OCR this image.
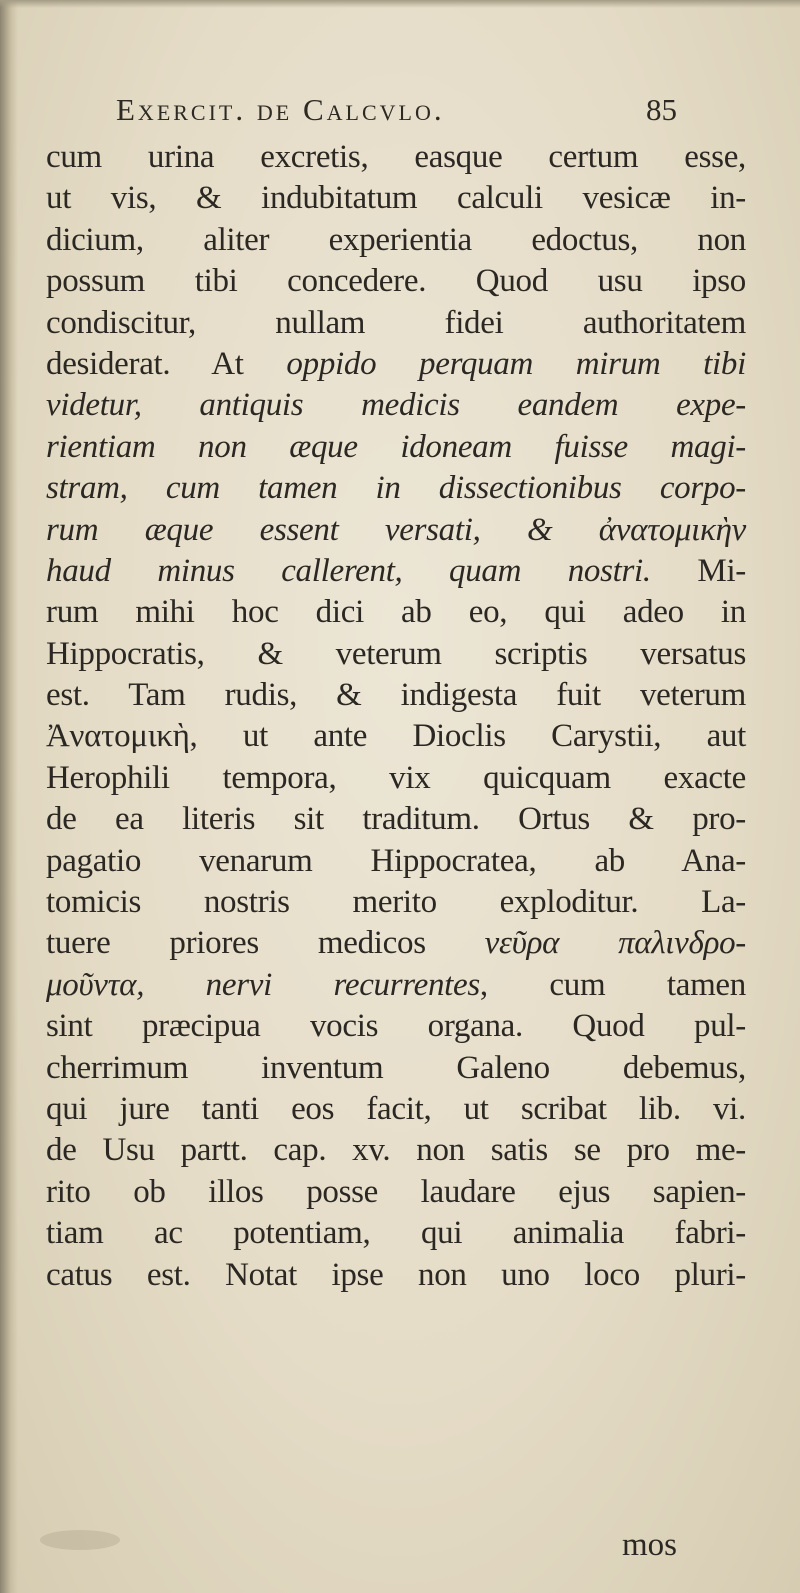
Exercit. de Calcvlo.	85
cum urina excretis, easque certum esse,
ut vis, & indubitatum calculi vesicæ in-
dicium, aliter experientia edoctus, non
possum tibi concedere. Quod usu ipso
condiscitur, nullam fidei authoritatem
desiderat. At oppido perquam mirum tibi
videtur, antiquis medicis eandem expe-
rientiam non æque idoneam fuisse magi-
stram, cum tamen in dissectionibus corpo-
rum æque essent versati, & ἀνατομικὴν
haud minus callerent, quam nostri. Mi-
rum mihi hoc dici ab eo, qui adeo in
Hippocratis, & veterum scriptis versatus
est. Tam rudis, & indigesta fuit veterum
Ἀνατομικὴ, ut ante Dioclis Carystii, aut
Herophili tempora, vix quicquam exacte
de ea literis sit traditum. Ortus & pro-
pagatio venarum Hippocratea, ab Ana-
tomicis nostris merito exploditur. La-
tuere priores medicos νεῦρα παλινδρο-
μοῦντα, nervi recurrentes, cum tamen
sint præcipua vocis organa. Quod pul-
cherrimum inventum Galeno debemus,
qui jure tanti eos facit, ut scribat lib. vi.
de Usu partt. cap. xv. non satis se pro me-
rito ob illos posse laudare ejus sapien-
tiam ac potentiam, qui animalia fabri-
catus est. Notat ipse non uno loco pluri-
mos
